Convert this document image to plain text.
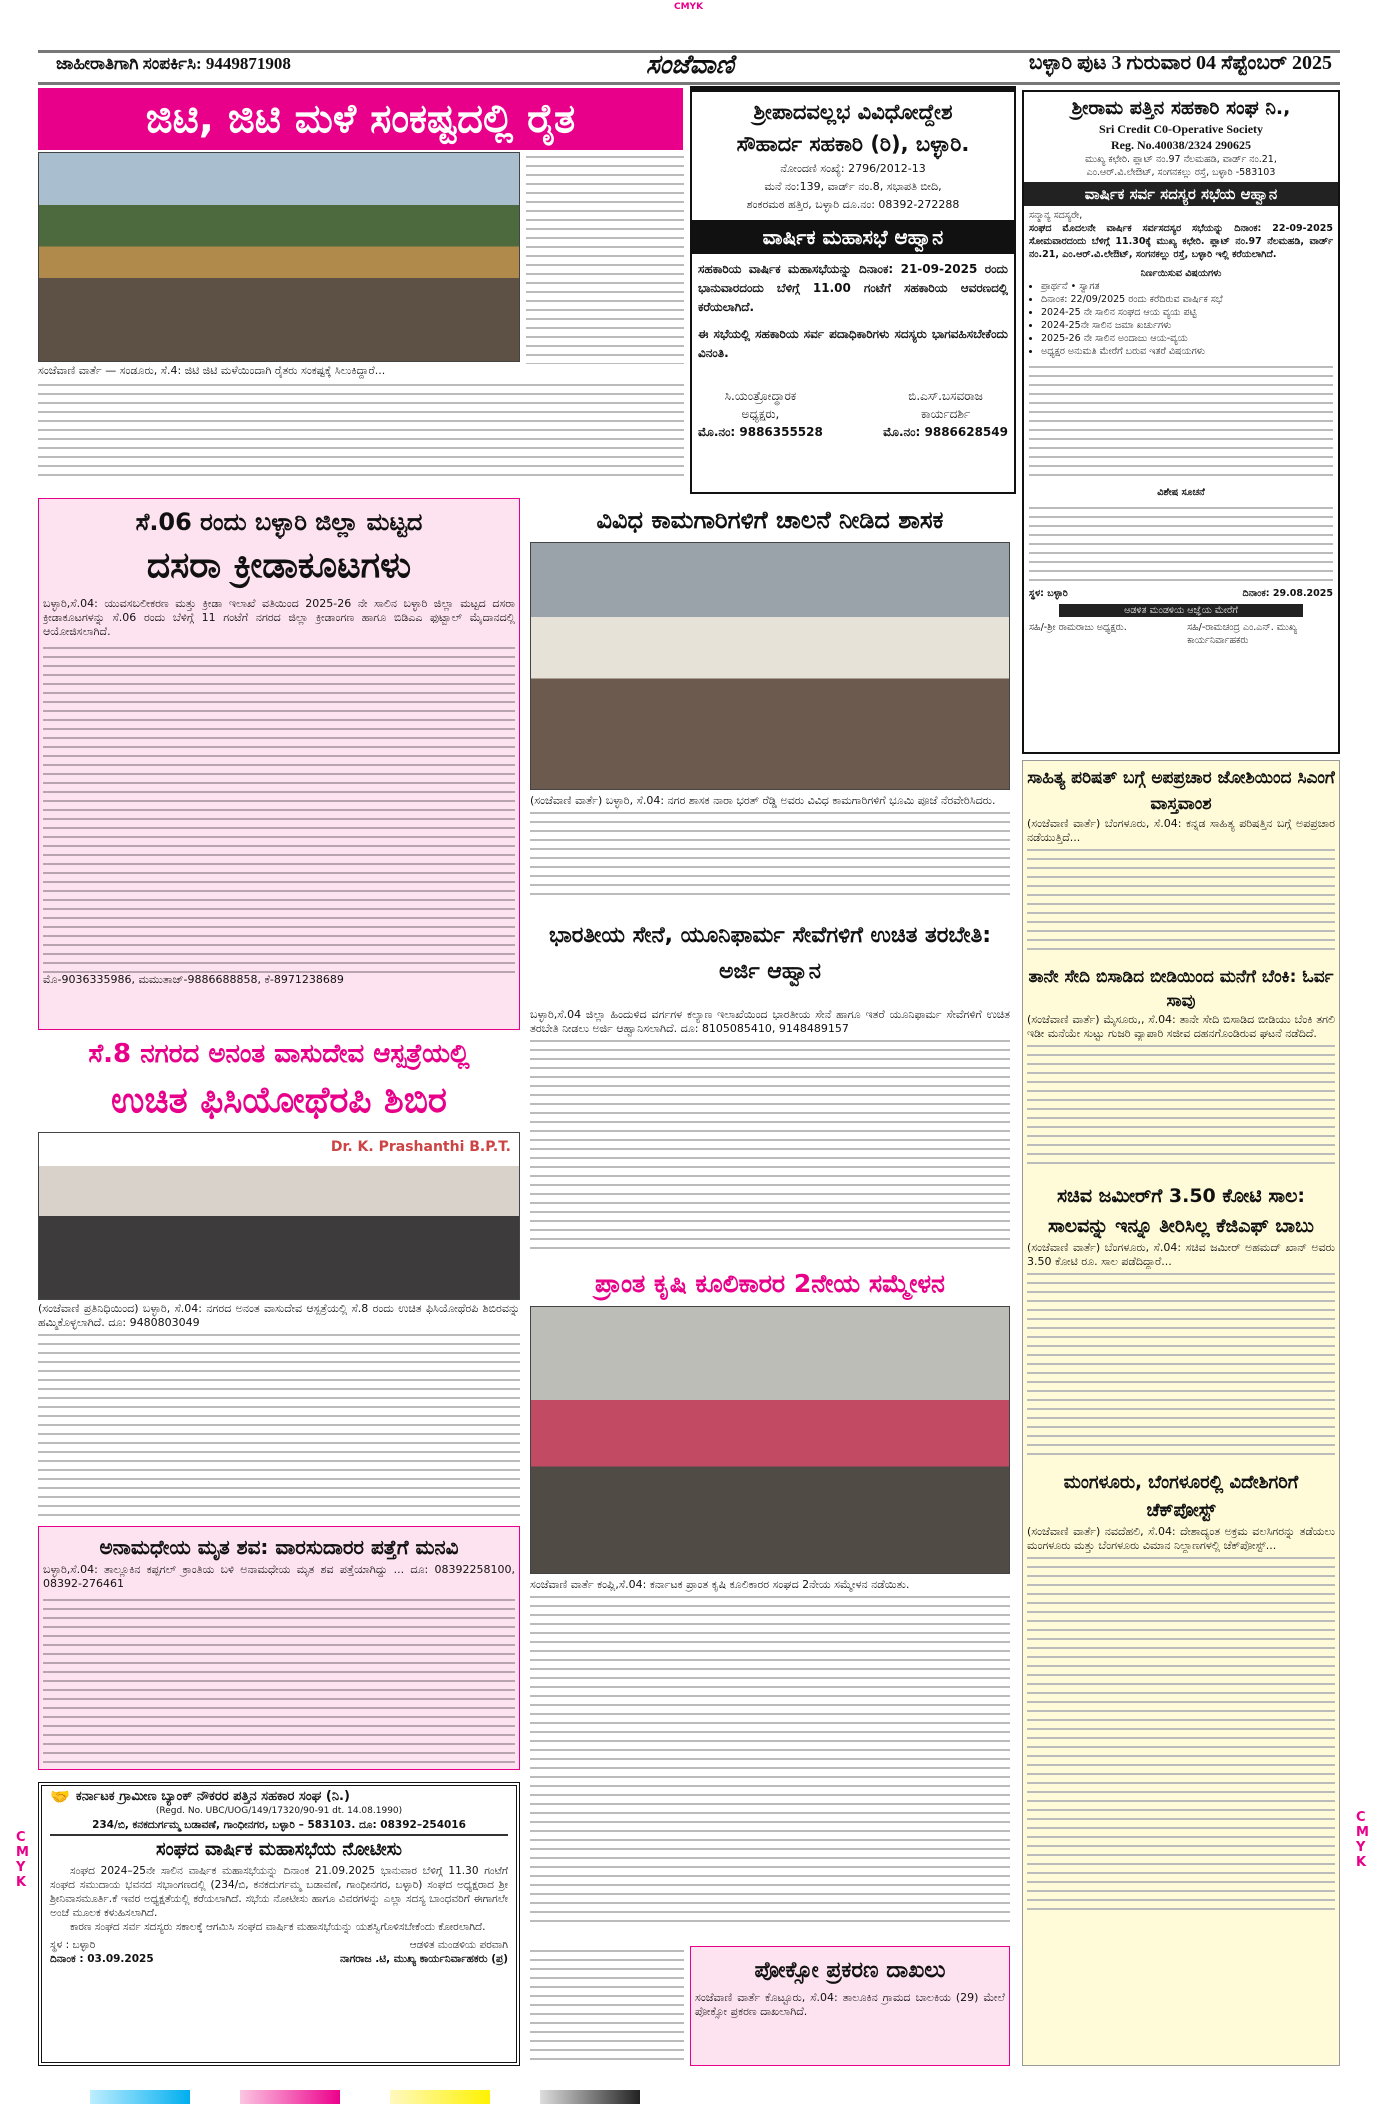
CMYK
CMYK
CMYK
ಜಾಹೀರಾತಿಗಾಗಿ ಸಂಪರ್ಕಿಸಿ: 9449871908	ಸಂಜೆವಾಣಿ	ಬಳ್ಳಾರಿ ಪುಟ 3 ಗುರುವಾರ 04 ಸೆಪ್ಟೆಂಬರ್ 2025
ಜಿಟಿ, ಜಿಟಿ ಮಳೆ ಸಂಕಷ್ಟದಲ್ಲಿ ರೈತ
ಸಂಜೆವಾಣಿ ವಾರ್ತೆ — ಸಂಡೂರು, ಸೆ.4: ಜಿಟಿ ಜಿಟಿ ಮಳೆಯಿಂದಾಗಿ ರೈತರು ಸಂಕಷ್ಟಕ್ಕೆ ಸಿಲುಕಿದ್ದಾರೆ...
ಶ್ರೀಪಾದವಲ್ಲಭ ವಿವಿಧೋದ್ದೇಶ
ಸೌಹಾರ್ದ ಸಹಕಾರಿ (ರಿ), ಬಳ್ಳಾರಿ.
ನೋಂದಣಿ ಸಂಖ್ಯೆ: 2796/2012-13
ಮನೆ ನಂ:139, ವಾರ್ಡ್ ನಂ.8, ಸಭಾಪತಿ ಬೀದಿ,
ಶಂಕರಮಠ ಹತ್ತಿರ, ಬಳ್ಳಾರಿ ದೂ.ನಂ: 08392-272288
ವಾರ್ಷಿಕ ಮಹಾಸಭೆ ಆಹ್ವಾನ
ಸಹಕಾರಿಯ ವಾರ್ಷಿಕ ಮಹಾಸಭೆಯನ್ನು ದಿನಾಂಕ: 21-09-2025 ರಂದು ಭಾನುವಾರದಂದು ಬೆಳಿಗ್ಗೆ 11.00 ಗಂಟೆಗೆ ಸಹಕಾರಿಯ ಆವರಣದಲ್ಲಿ ಕರೆಯಲಾಗಿದೆ.
ಈ ಸಭೆಯಲ್ಲಿ ಸಹಕಾರಿಯ ಸರ್ವ ಪದಾಧಿಕಾರಿಗಳು ಸದಸ್ಯರು ಭಾಗವಹಿಸಬೇಕೆಂದು ವಿನಂತಿ.
ಸಿ.ಯಂತ್ರೋದ್ಧಾರಕ
ಅಧ್ಯಕ್ಷರು,
ಮೊ.ನಂ: 9886355528
ಬಿ.ಎಸ್.ಬಸವರಾಜ
ಕಾರ್ಯದರ್ಶಿ
ಮೊ.ನಂ: 9886628549
ಶ್ರೀರಾಮ ಪತ್ತಿನ ಸಹಕಾರಿ ಸಂಘ ನಿ.,
Sri Credit C0-Operative Society
Reg. No.40038/2324 290625
ಮುಖ್ಯ ಕಛೇರಿ. ಪ್ಲಾಟ್ ನಂ.97 ನೆಲಮಹಡಿ, ವಾರ್ಡ್ ನಂ.21,
ಎಂ.ಆರ್.ವಿ.ಲೇಔಟ್, ಸಂಗನಕಲ್ಲು ರಸ್ತೆ, ಬಳ್ಳಾರಿ -583103
ವಾರ್ಷಿಕ ಸರ್ವ ಸದಸ್ಯರ ಸಭೆಯ ಆಹ್ವಾನ
ಸನ್ಮಾನ್ಯ ಸದಸ್ಯರೇ,
ಸಂಘದ ಮೊದಲನೇ ವಾರ್ಷಿಕ ಸರ್ವಸದಸ್ಯರ ಸಭೆಯನ್ನು ದಿನಾಂಕ: 22-09-2025 ಸೋಮವಾರದಂದು ಬೆಳಿಗ್ಗೆ 11.30ಕ್ಕೆ ಮುಖ್ಯ ಕಛೇರಿ. ಪ್ಲಾಟ್ ನಂ.97 ನೆಲಮಹಡಿ, ವಾರ್ಡ್ ನಂ.21, ಎಂ.ಆರ್.ವಿ.ಲೇಔಟ್, ಸಂಗನಕಲ್ಲು ರಸ್ತೆ, ಬಳ್ಳಾರಿ ಇಲ್ಲಿ ಕರೆಯಲಾಗಿದೆ.
ನಿರ್ಣಯಿಸುವ ವಿಷಯಗಳು
• ಪ್ರಾರ್ಥನೆ • ಸ್ವಾಗತ
• ದಿನಾಂಕ: 22/09/2025 ರಂದು ಕರೆದಿರುವ ವಾರ್ಷಿಕ ಸಭೆ
• 2024-25 ನೇ ಸಾಲಿನ ಸಂಘದ ಆಯ ವ್ಯಯ ಪಟ್ಟಿ
• 2024-25ನೇ ಸಾಲಿನ ಜಮಾ ಖರ್ಚುಗಳು
• 2025-26 ನೇ ಸಾಲಿನ ಅಂದಾಜು ಆಯ-ವ್ಯಯ
• ಅಧ್ಯಕ್ಷರ ಅನುಮತಿ ಮೇರೆಗೆ ಬರುವ ಇತರೆ ವಿಷಯಗಳು
ವಿಶೇಷ ಸೂಚನೆ
ಸ್ಥಳ: ಬಳ್ಳಾರಿ	ದಿನಾಂಕ: 29.08.2025
ಆಡಳಿತ ಮಂಡಳಿಯ ಆಜ್ಞೆಯ ಮೇರೆಗೆ
ಸಹಿ/-ಶ್ರೀ ರಾಮರಾಜು ಅಧ್ಯಕ್ಷರು.	ಸಹಿ/-ರಾಮಚಂದ್ರ ಎಂ.ಎನ್. ಮುಖ್ಯ ಕಾರ್ಯನಿರ್ವಾಹಕರು
ಸೆ.06 ರಂದು ಬಳ್ಳಾರಿ ಜಿಲ್ಲಾ ಮಟ್ಟದ
ದಸರಾ ಕ್ರೀಡಾಕೂಟಗಳು
ಬಳ್ಳಾರಿ,ಸೆ.04: ಯುವಸಬಲೀಕರಣ ಮತ್ತು ಕ್ರೀಡಾ ಇಲಾಖೆ ವತಿಯಿಂದ 2025-26 ನೇ ಸಾಲಿನ ಬಳ್ಳಾರಿ ಜಿಲ್ಲಾ ಮಟ್ಟದ ದಸರಾ ಕ್ರೀಡಾಕೂಟಗಳನ್ನು ಸೆ.06 ರಂದು ಬೆಳಿಗ್ಗೆ 11 ಗಂಟೆಗೆ ನಗರದ ಜಿಲ್ಲಾ ಕ್ರೀಡಾಂಗಣ ಹಾಗೂ ಬಿಡಿಎಎ ಫುಟ್ಬಾಲ್ ಮೈದಾನದಲ್ಲಿ ಆಯೋಜಿಸಲಾಗಿದೆ.
ಮೊ-9036335986, ಮಮುತಾಜ್-9886688858, ಕೆ-8971238689
ವಿವಿಧ ಕಾಮಗಾರಿಗಳಿಗೆ ಚಾಲನೆ ನೀಡಿದ ಶಾಸಕ
(ಸಂಜೆವಾಣಿ ವಾರ್ತೆ) ಬಳ್ಳಾರಿ, ಸೆ.04: ನಗರ ಶಾಸಕ ನಾರಾ ಭರತ್ ರೆಡ್ಡಿ ಅವರು ವಿವಿಧ ಕಾಮಗಾರಿಗಳಿಗೆ ಭೂಮಿ ಪೂಜೆ ನೆರವೇರಿಸಿದರು.
ಭಾರತೀಯ ಸೇನೆ, ಯೂನಿಫಾರ್ಮ ಸೇವೆಗಳಿಗೆ ಉಚಿತ ತರಬೇತಿ: ಅರ್ಜಿ ಆಹ್ವಾನ
ಬಳ್ಳಾರಿ,ಸೆ.04 ಜಿಲ್ಲಾ ಹಿಂದುಳಿದ ವರ್ಗಗಳ ಕಲ್ಯಾಣ ಇಲಾಖೆಯಿಂದ ಭಾರತೀಯ ಸೇನೆ ಹಾಗೂ ಇತರೆ ಯೂನಿಫಾರ್ಮ ಸೇವೆಗಳಿಗೆ ಉಚಿತ ತರಬೇತಿ ನೀಡಲು ಅರ್ಜಿ ಆಹ್ವಾನಿಸಲಾಗಿದೆ. ದೂ: 8105085410, 9148489157
ಸೆ.8 ನಗರದ ಅನಂತ ವಾಸುದೇವ ಆಸ್ಪತ್ರೆಯಲ್ಲಿ
ಉಚಿತ ಫಿಸಿಯೋಥೆರಪಿ ಶಿಬಿರ
Dr. K. Prashanthi B.P.T.
(ಸಂಜೆವಾಣಿ ಪ್ರತಿನಿಧಿಯಿಂದ) ಬಳ್ಳಾರಿ, ಸೆ.04: ನಗರದ ಅನಂತ ವಾಸುದೇವ ಆಸ್ಪತ್ರೆಯಲ್ಲಿ ಸೆ.8 ರಂದು ಉಚಿತ ಫಿಸಿಯೋಥೆರಪಿ ಶಿಬಿರವನ್ನು ಹಮ್ಮಿಕೊಳ್ಳಲಾಗಿದೆ. ದೂ: 9480803049
ಅನಾಮಧೇಯ ಮೃತ ಶವ: ವಾರಸುದಾರರ ಪತ್ತೆಗೆ ಮನವಿ
ಬಳ್ಳಾರಿ,ಸೆ.04: ತಾಲ್ಲೂಕಿನ ಕಪ್ಪಗಲ್ ಕ್ರಾಂತಿಯ ಬಳಿ ಅನಾಮಧೇಯ ಮೃತ ಶವ ಪತ್ತೆಯಾಗಿದ್ದು ... ದೂ: 08392258100, 08392-276461
🤝 ಕರ್ನಾಟಕ ಗ್ರಾಮೀಣ ಬ್ಯಾಂಕ್ ನೌಕರರ ಪತ್ತಿನ ಸಹಕಾರ ಸಂಘ (ನಿ.)
(Regd. No. UBC/UOG/149/17320/90-91 dt. 14.08.1990)
234/ಬಿ, ಕನಕದುರ್ಗಮ್ಮ ಬಡಾವಣೆ, ಗಾಂಧೀನಗರ, ಬಳ್ಳಾರಿ – 583103. ದೂ: 08392–254016
ಸಂಘದ ವಾರ್ಷಿಕ ಮಹಾಸಭೆಯ ನೋಟೀಸು
ಸಂಘದ 2024–25ನೇ ಸಾಲಿನ ವಾರ್ಷಿಕ ಮಹಾಸಭೆಯನ್ನು ದಿನಾಂಕ 21.09.2025 ಭಾನುವಾರ ಬೆಳಿಗ್ಗೆ 11.30 ಗಂಟೆಗೆ ಸಂಘದ ಸಮುದಾಯ ಭವನದ ಸಭಾಂಗಣದಲ್ಲಿ (234/ಬಿ, ಕನಕದುರ್ಗಮ್ಮ ಬಡಾವಣೆ, ಗಾಂಧೀನಗರ, ಬಳ್ಳಾರಿ) ಸಂಘದ ಅಧ್ಯಕ್ಷರಾದ ಶ್ರೀ ಶ್ರೀನಿವಾಸಮೂರ್ತಿ.ಕೆ ಇವರ ಅಧ್ಯಕ್ಷತೆಯಲ್ಲಿ ಕರೆಯಲಾಗಿದೆ. ಸಭೆಯ ನೋಟೀಸು ಹಾಗೂ ವಿವರಗಳನ್ನು ಎಲ್ಲಾ ಸದಸ್ಯ ಬಾಂಧವರಿಗೆ ಈಗಾಗಲೇ ಅಂಚೆ ಮೂಲಕ ಕಳುಹಿಸಲಾಗಿದೆ.
ಕಾರಣ ಸಂಘದ ಸರ್ವ ಸದಸ್ಯರು ಸಕಾಲಕ್ಕೆ ಆಗಮಿಸಿ ಸಂಘದ ವಾರ್ಷಿಕ ಮಹಾಸಭೆಯನ್ನು ಯಶಸ್ವಿಗೊಳಿಸಬೇಕೆಂದು ಕೋರಲಾಗಿದೆ.
ಸ್ಥಳ : ಬಳ್ಳಾರಿ
ದಿನಾಂಕ : 03.09.2025
ಆಡಳಿತ ಮಂಡಳಿಯ ಪರವಾಗಿ
ನಾಗರಾಜ .ಟಿ, ಮುಖ್ಯ ಕಾರ್ಯನಿರ್ವಾಹಕರು (ಪ್ರ)
ಪ್ರಾಂತ ಕೃಷಿ ಕೂಲಿಕಾರರ 2ನೇಯ ಸಮ್ಮೇಳನ
ಸಂಜೆವಾಣಿ ವಾರ್ತೆ ಕಂಪ್ಲಿ,ಸೆ.04: ಕರ್ನಾಟಕ ಪ್ರಾಂತ ಕೃಷಿ ಕೂಲಿಕಾರರ ಸಂಘದ 2ನೇಯ ಸಮ್ಮೇಳನ ನಡೆಯಿತು.
ಪೋಕ್ಸೋ ಪ್ರಕರಣ ದಾಖಲು
ಸಂಜೆವಾಣಿ ವಾರ್ತೆ ಕೊಟ್ಟೂರು, ಸೆ.04: ತಾಲೂಕಿನ ಗ್ರಾಮದ ಬಾಲಕಿಯ (29) ಮೇಲೆ ಪೋಕ್ಸೋ ಪ್ರಕರಣ ದಾಖಲಾಗಿದೆ.
ಸಾಹಿತ್ಯ ಪರಿಷತ್ ಬಗ್ಗೆ ಅಪಪ್ರಚಾರ ಜೋಶಿಯಿಂದ ಸಿಎಂಗೆ ವಾಸ್ತವಾಂಶ
(ಸಂಜೆವಾಣಿ ವಾರ್ತೆ) ಬೆಂಗಳೂರು, ಸೆ.04: ಕನ್ನಡ ಸಾಹಿತ್ಯ ಪರಿಷತ್ತಿನ ಬಗ್ಗೆ ಅಪಪ್ರಚಾರ ನಡೆಯುತ್ತಿದೆ...
ತಾನೇ ಸೇದಿ ಬಿಸಾಡಿದ ಬೀಡಿಯಿಂದ ಮನೆಗೆ ಬೆಂಕಿ: ಓರ್ವ ಸಾವು
(ಸಂಜೆವಾಣಿ ವಾರ್ತೆ) ಮೈಸೂರು,, ಸೆ.04: ತಾನೇ ಸೇದಿ ಬಿಸಾಡಿದ ಬೀಡಿಯು ಬೆಂಕಿ ತಗಲಿ ಇಡೀ ಮನೆಯೇ ಸುಟ್ಟು ಗುಜರಿ ವ್ಯಾಪಾರಿ ಸಜೀವ ದಹನಗೊಂಡಿರುವ ಘಟನೆ ನಡೆದಿದೆ.
ಸಚಿವ ಜಮೀರ್‌ಗೆ 3.50 ಕೋಟಿ ಸಾಲ: ಸಾಲವನ್ನು ಇನ್ನೂ ತೀರಿಸಿಲ್ಲ ಕೆಜಿಎಫ್ ಬಾಬು
(ಸಂಜೆವಾಣಿ ವಾರ್ತೆ) ಬೆಂಗಳೂರು, ಸೆ.04: ಸಚಿವ ಜಮೀರ್ ಅಹಮದ್ ಖಾನ್ ಅವರು 3.50 ಕೋಟಿ ರೂ. ಸಾಲ ಪಡೆದಿದ್ದಾರೆ...
ಮಂಗಳೂರು, ಬೆಂಗಳೂರಲ್ಲಿ ವಿದೇಶಿಗರಿಗೆ ಚೆಕ್‌ಪೋಸ್ಟ್
(ಸಂಜೆವಾಣಿ ವಾರ್ತೆ) ನವದೆಹಲಿ, ಸೆ.04: ದೇಶಾದ್ಯಂತ ಅಕ್ರಮ ವಲಸಿಗರನ್ನು ತಡೆಯಲು ಮಂಗಳೂರು ಮತ್ತು ಬೆಂಗಳೂರು ವಿಮಾನ ನಿಲ್ದಾಣಗಳಲ್ಲಿ ಚೆಕ್‌ಪೋಸ್ಟ್...
